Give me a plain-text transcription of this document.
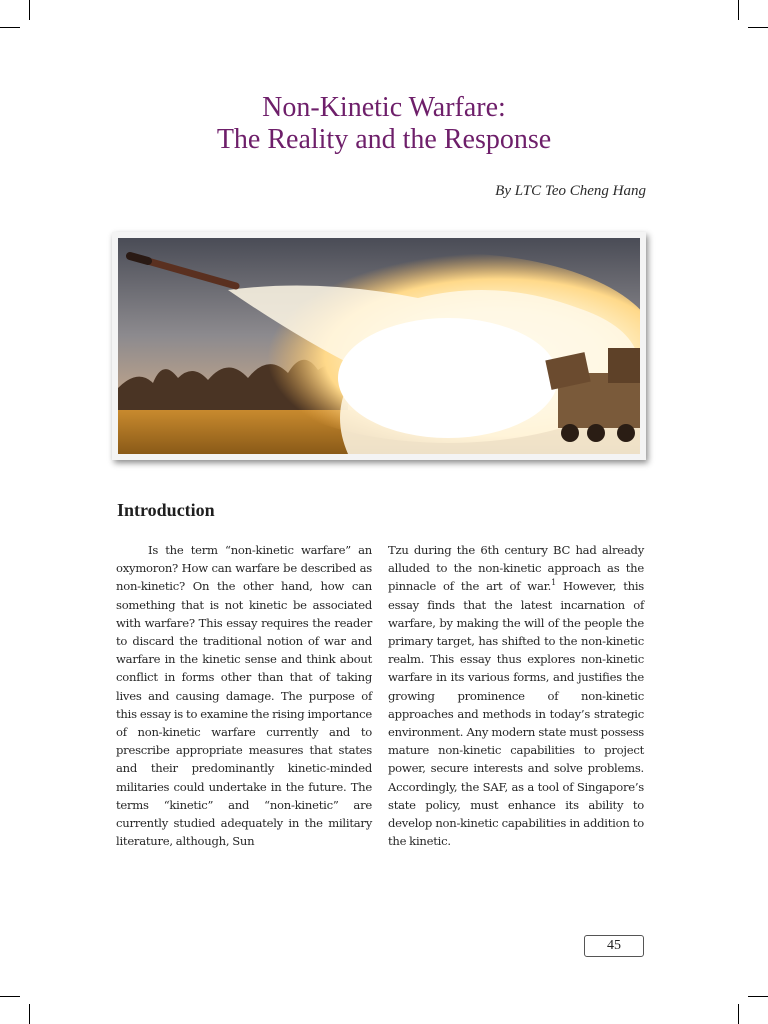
Non-Kinetic Warfare:
The Reality and the Response
By LTC Teo Cheng Hang
Introduction

Is the term “non-kinetic warfare” an oxymoron? How can warfare be described as non-kinetic? On the other hand, how can something that is not kinetic be associated with warfare? This essay requires the reader to discard the traditional notion of war and warfare in the kinetic sense and think about conflict in forms other than that of taking lives and causing damage. The purpose of this essay is to examine the rising importance of non-kinetic warfare currently and to prescribe appropriate measures that states and their predominantly kinetic-minded militaries could undertake in the future. The terms “kinetic” and “non-kinetic” are currently studied adequately in the military literature, although, Sun

Tzu during the 6th century BC had already alluded to the non-kinetic approach as the pinnacle of the art of war.$^1$ However, this essay finds that the latest incarnation of warfare, by making the will of the people the primary target, has shifted to the non-kinetic realm. This essay thus explores non-kinetic warfare in its various forms, and justifies the growing prominence of non-kinetic approaches and methods in today’s strategic environment. Any modern state must possess mature non-kinetic capabilities to project power, secure interests and solve problems. Accordingly, the SAF, as a tool of Singapore’s state policy, must enhance its ability to develop non-kinetic capabilities in addition to the kinetic.

45
